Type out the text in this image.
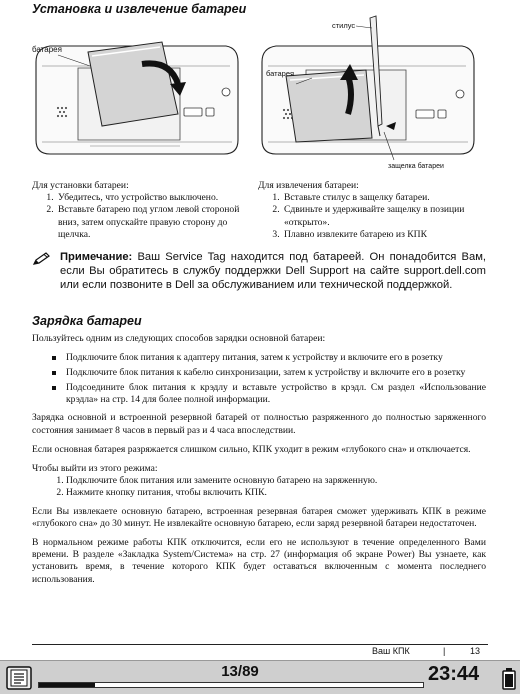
Установка и извлечение батареи
батарея
батарея
стилус
защелка батареи

Для установки батареи:

1. Убедитесь, что устройство выключено.
2. Вставьте батарею под углом левой стороной вниз, затем опускайте правую сторону до щелчка.

Для извлечения батареи:

1. Вставьте стилус в защелку батареи.
2. Сдвиньте и удерживайте защелку в позиции «открыто».
3. Плавно извлеките батарею из КПК
Примечание: Ваш Service Tag находится под батареей. Он понадобится Вам, если Вы обратитесь в службу поддержки Dell Support на сайте support.dell.com или если позвоните в Dell за обслуживанием или технической поддержкой.
Зарядка батареи

Пользуйтесь одним из следующих способов зарядки основной батареи:

Подключите блок питания к адаптеру питания, затем к устройству и включите его в розетку
Подключите блок питания к кабелю синхронизации, затем к устройству и включите его в розетку
Подсоедините блок питания к крэдлу и вставьте устройство в крэдл. См раздел «Использование крэдла» на стр. 14 для более полной информации.

Зарядка основной и встроенной резервной батарей от полностью разряженного до полностью заряженного состояния занимает 8 часов в первый раз и 4 часа впоследствии.

Если основная батарея разряжается слишком сильно, КПК уходит в режим «глубокого сна» и отключается.

Чтобы выйти из этого режима:

1. Подключите блок питания или замените основную батарею на заряженную.
2. Нажмите кнопку питания, чтобы включить КПК.

Если Вы извлекаете основную батарею, встроенная резервная батарея сможет удерживать КПК в режиме «глубокого сна» до 30 минут. Не извлекайте основную батарею, если заряд резервной батареи недостаточен.

В нормальном режиме работы КПК отключится, если его не используют в течение определенного Вами времени. В разделе «Закладка System/Система» на стр. 27 (информация об экране Power) Вы узнаете, как установить время, в течение которого КПК будет оставаться включенным с момента последнего использования.

Ваш КПК	|	13
13/89	23:44
